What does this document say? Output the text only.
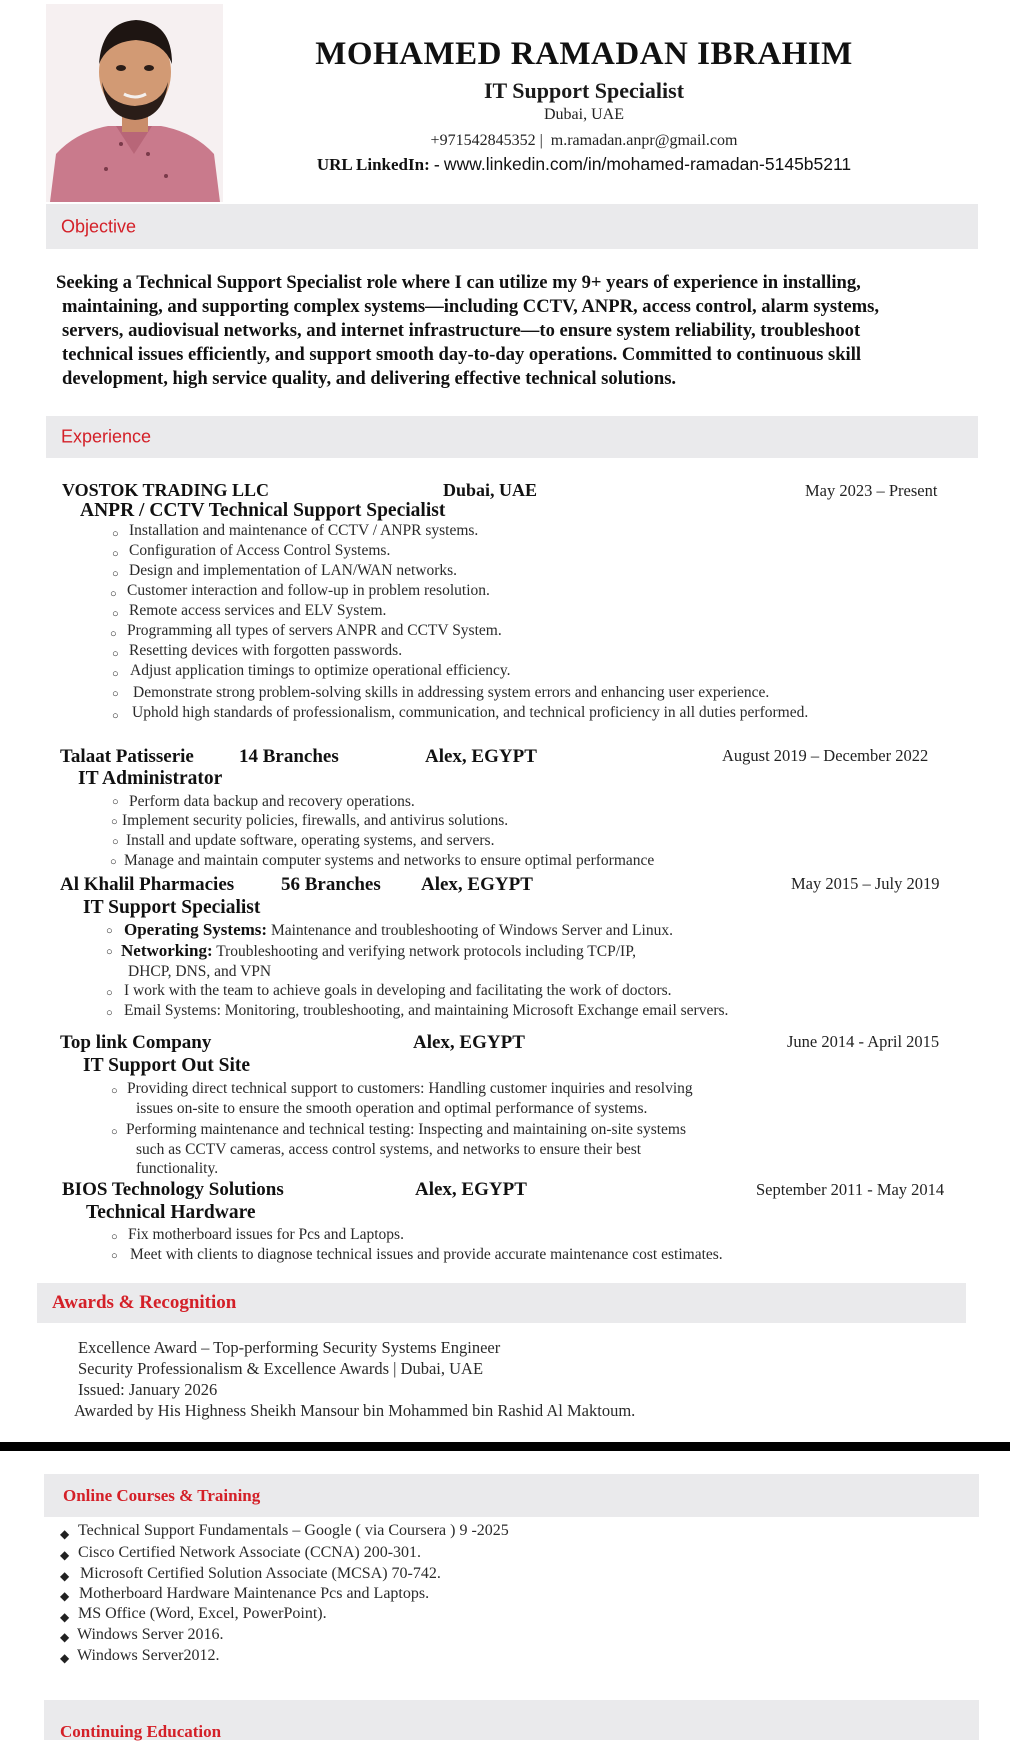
MOHAMED RAMADAN IBRAHIM
IT Support Specialist
Dubai, UAE
+971542845352 |  m.ramadan.anpr@gmail.com
URL LinkedIn: - www.linkedin.com/in/mohamed-ramadan-5145b5211
Objective

Seeking a Technical Support Specialist role where I can utilize my 9+ years of experience in installing,

maintaining, and supporting complex systems—including CCTV, ANPR, access control, alarm systems,

servers, audiovisual networks, and internet infrastructure—to ensure system reliability, troubleshoot

technical issues efficiently, and support smooth day-to-day operations. Committed to continuous skill

development, high service quality, and delivering effective technical solutions.

Experience
VOSTOK TRADING LLC	Dubai, UAE	May 2023 – Present
ANPR / CCTV Technical Support Specialist
○ Installation and maintenance of CCTV / ANPR systems.
○ Configuration of Access Control Systems.
○ Design and implementation of LAN/WAN networks.
○ Customer interaction and follow-up in problem resolution.
○ Remote access services and ELV System.
○ Programming all types of servers ANPR and CCTV System.
○ Resetting devices with forgotten passwords.
○ Adjust application timings to optimize operational efficiency.
○ Demonstrate strong problem-solving skills in addressing system errors and enhancing user experience.
○ Uphold high standards of professionalism, communication, and technical proficiency in all duties performed.
Talaat Patisserie 14 Branches	Alex, EGYPT	August 2019 – December 2022
IT Administrator
○ Perform data backup and recovery operations.
○ Implement security policies, firewalls, and antivirus solutions.
○ Install and update software, operating systems, and servers.
○ Manage and maintain computer systems and networks to ensure optimal performance
Al Khalil Pharmacies 56 Branches Alex, EGYPT	May 2015 – July 2019
IT Support Specialist
○ Operating Systems: Maintenance and troubleshooting of Windows Server and Linux.
○ Networking: Troubleshooting and verifying network protocols including TCP/IP,
DHCP, DNS, and VPN
○ I work with the team to achieve goals in developing and facilitating the work of doctors.
○ Email Systems: Monitoring, troubleshooting, and maintaining Microsoft Exchange email servers.
Top link Company	Alex, EGYPT	June 2014 - April 2015
IT Support Out Site
○ Providing direct technical support to customers: Handling customer inquiries and resolving
issues on-site to ensure the smooth operation and optimal performance of systems.
○ Performing maintenance and technical testing: Inspecting and maintaining on-site systems
such as CCTV cameras, access control systems, and networks to ensure their best
functionality.
BIOS Technology Solutions	Alex, EGYPT	September 2011 - May 2014
Technical Hardware
○ Fix motherboard issues for Pcs and Laptops.
○ Meet with clients to diagnose technical issues and provide accurate maintenance cost estimates.
Awards & Recognition
Excellence Award – Top-performing Security Systems Engineer
Security Professionalism & Excellence Awards | Dubai, UAE
Issued: January 2026
Awarded by His Highness Sheikh Mansour bin Mohammed bin Rashid Al Maktoum.
Online Courses & Training
◆ Technical Support Fundamentals – Google ( via Coursera ) 9 -2025
◆ Cisco Certified Network Associate (CCNA) 200-301.
◆ Microsoft Certified Solution Associate (MCSA) 70-742.
◆ Motherboard Hardware Maintenance Pcs and Laptops.
◆ MS Office (Word, Excel, PowerPoint).
◆ Windows Server 2016.
◆ Windows Server2012.
Continuing Education
